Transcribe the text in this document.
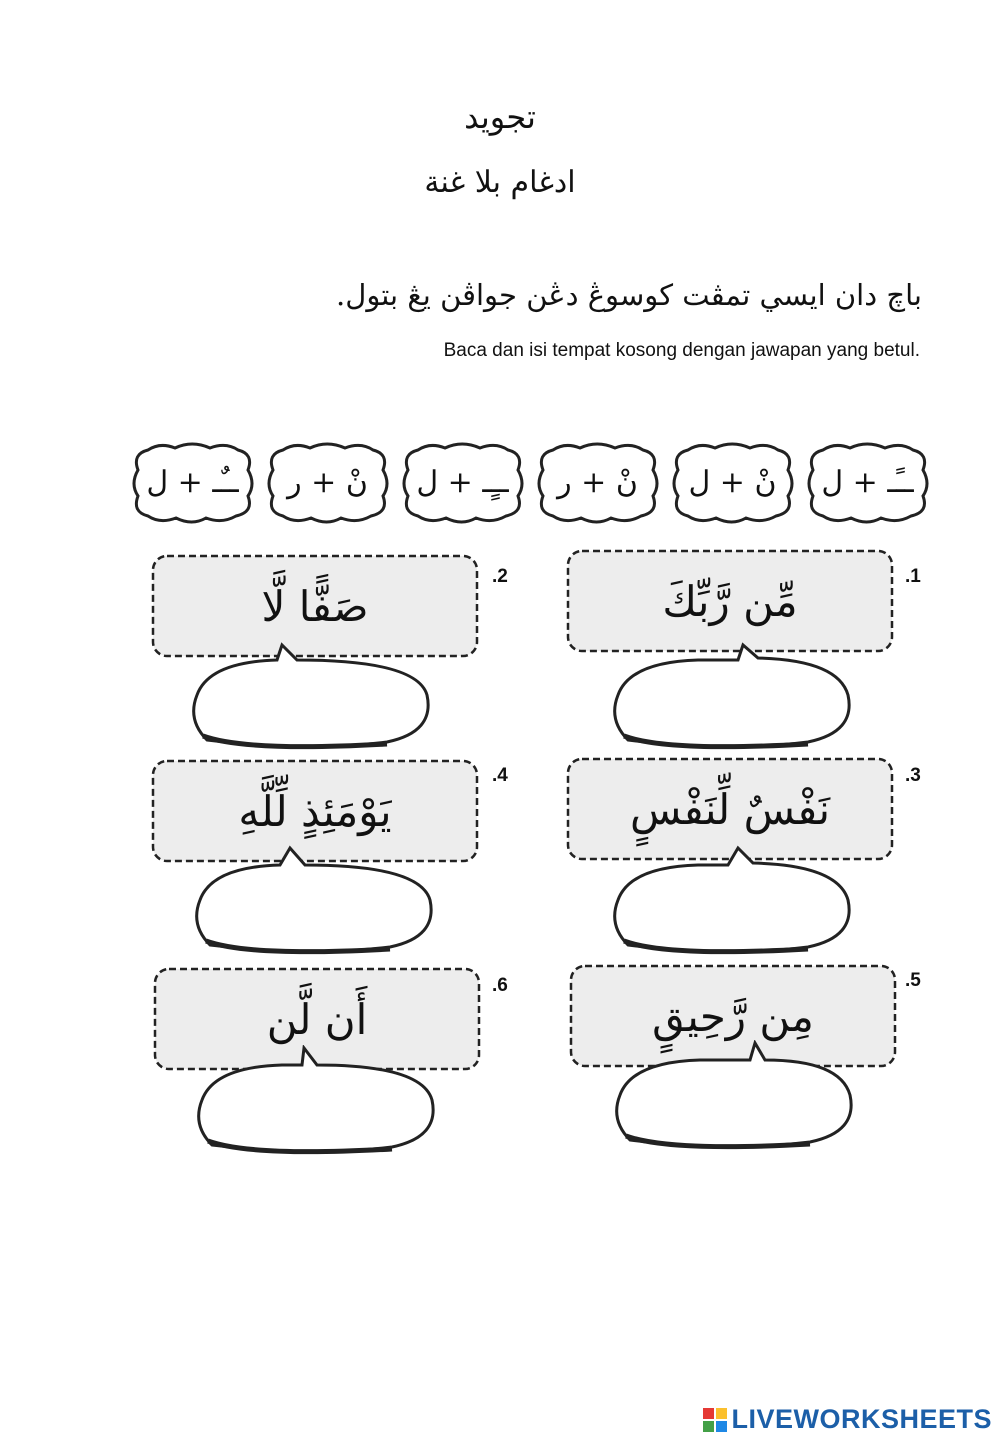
تجويد
ادغام بلا غنة
باچ دان ايسي تمڤت كوسوڠ دڠن جواڤن يڠ بتول.
Baca dan isi tempat kosong dengan jawapan yang betul.
ــًـ + ل
نْ + ل
نْ + ر
ــٍـ + ل
نْ + ر
ــٌـ + ل
.1
مِّن رَّبِّكَ
.2
صَفًّا لَّا
.3
نَفْسٌ لِّنَفْسٍ
.4
يَوْمَئِذٍ لِّلَّهِ
.5
مِن رَّحِيقٍ
.6
أَن لَّن
LIVEWORKSHEETS
